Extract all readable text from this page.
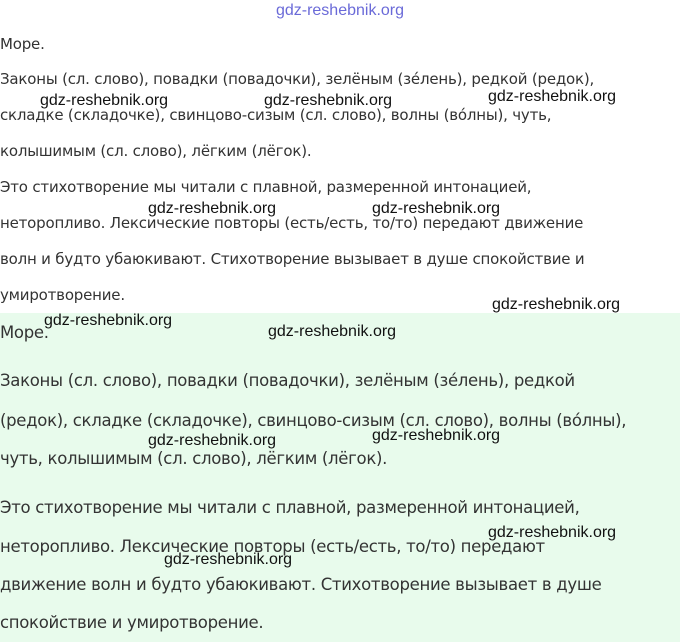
Море.

Законы (сл. слово), повадки (повадочки), зелёным (зе́лень), редкой (редок),

складке (складочке), свинцово-сизым (сл. слово), волны (во́лны), чуть,

колышимым (сл. слово), лёгким (лёгок).

Это стихотворение мы читали с плавной, размеренной интонацией,

неторопливо. Лексические повторы (есть/есть, то/то) передают движение

волн и будто убаюкивают. Стихотворение вызывает в душе спокойствие и

умиротворение.

Море.

Законы (сл. слово), повадки (повадочки), зелёным (зе́лень), редкой

(редок), складке (складочке), свинцово-сизым (сл. слово), волны (во́лны),

чуть, колышимым (сл. слово), лёгким (лёгок).

Это стихотворение мы читали с плавной, размеренной интонацией,

неторопливо. Лексические повторы (есть/есть, то/то) передают

движение волн и будто убаюкивают. Стихотворение вызывает в душе

спокойствие и умиротворение.

gdz-reshebnik.org
gdz-reshebnik.org	gdz-reshebnik.org	gdz-reshebnik.org
gdz-reshebnik.org	gdz-reshebnik.org
gdz-reshebnik.org
gdz-reshebnik.org
gdz-reshebnik.org
gdz-reshebnik.org	gdz-reshebnik.org
gdz-reshebnik.org
gdz-reshebnik.org
